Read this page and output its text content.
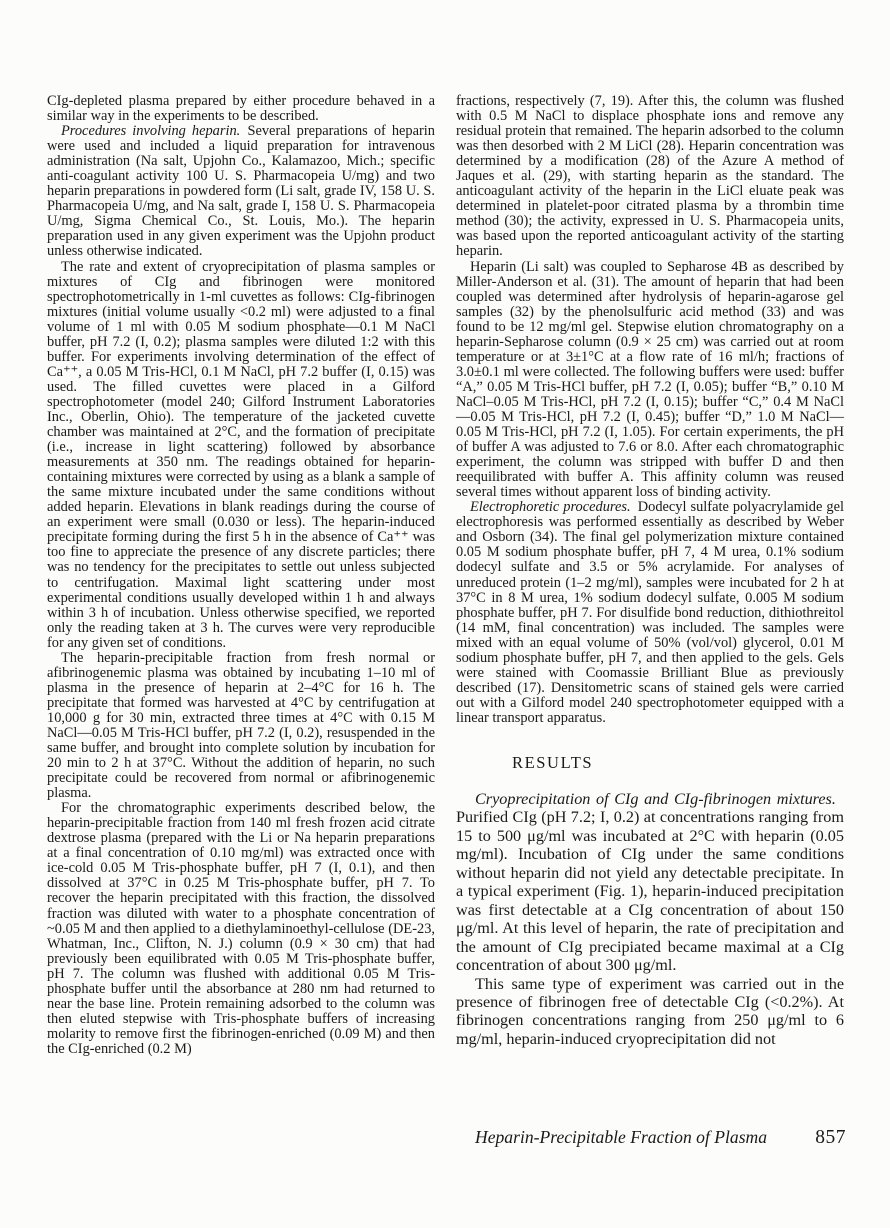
CIg-depleted plasma prepared by either procedure behaved in a similar way in the experiments to be described.

Procedures involving heparin. Several preparations of heparin were used and included a liquid preparation for intravenous administration (Na salt, Upjohn Co., Kalamazoo, Mich.; specific anti-coagulant activity 100 U. S. Pharmacopeia U/mg) and two heparin preparations in powdered form (Li salt, grade IV, 158 U. S. Pharmacopeia U/mg, and Na salt, grade I, 158 U. S. Pharmacopeia U/mg, Sigma Chemical Co., St. Louis, Mo.). The heparin preparation used in any given experiment was the Upjohn product unless otherwise indicated.

The rate and extent of cryoprecipitation of plasma samples or mixtures of CIg and fibrinogen were monitored spectrophotometrically in 1-ml cuvettes as follows: CIg-fibrinogen mixtures (initial volume usually <0.2 ml) were adjusted to a final volume of 1 ml with 0.05 M sodium phosphate—0.1 M NaCl buffer, pH 7.2 (I, 0.2); plasma samples were diluted 1:2 with this buffer. For experiments involving determination of the effect of Ca⁺⁺, a 0.05 M Tris-HCl, 0.1 M NaCl, pH 7.2 buffer (I, 0.15) was used. The filled cuvettes were placed in a Gilford spectrophotometer (model 240; Gilford Instrument Laboratories Inc., Oberlin, Ohio). The temperature of the jacketed cuvette chamber was maintained at 2°C, and the formation of precipitate (i.e., increase in light scattering) followed by absorbance measurements at 350 nm. The readings obtained for heparin-containing mixtures were corrected by using as a blank a sample of the same mixture incubated under the same conditions without added heparin. Elevations in blank readings during the course of an experiment were small (0.030 or less). The heparin-induced precipitate forming during the first 5 h in the absence of Ca⁺⁺ was too fine to appreciate the presence of any discrete particles; there was no tendency for the precipitates to settle out unless subjected to centrifugation. Maximal light scattering under most experimental conditions usually developed within 1 h and always within 3 h of incubation. Unless otherwise specified, we reported only the reading taken at 3 h. The curves were very reproducible for any given set of conditions.

The heparin-precipitable fraction from fresh normal or afibrinogenemic plasma was obtained by incubating 1–10 ml of plasma in the presence of heparin at 2–4°C for 16 h. The precipitate that formed was harvested at 4°C by centrifugation at 10,000 g for 30 min, extracted three times at 4°C with 0.15 M NaCl—0.05 M Tris-HCl buffer, pH 7.2 (I, 0.2), resuspended in the same buffer, and brought into complete solution by incubation for 20 min to 2 h at 37°C. Without the addition of heparin, no such precipitate could be recovered from normal or afibrinogenemic plasma.

For the chromatographic experiments described below, the heparin-precipitable fraction from 140 ml fresh frozen acid citrate dextrose plasma (prepared with the Li or Na heparin preparations at a final concentration of 0.10 mg/ml) was extracted once with ice-cold 0.05 M Tris-phosphate buffer, pH 7 (I, 0.1), and then dissolved at 37°C in 0.25 M Tris-phosphate buffer, pH 7. To recover the heparin precipitated with this fraction, the dissolved fraction was diluted with water to a phosphate concentration of ~0.05 M and then applied to a diethylaminoethyl-cellulose (DE-23, Whatman, Inc., Clifton, N. J.) column (0.9 × 30 cm) that had previously been equilibrated with 0.05 M Tris-phosphate buffer, pH 7. The column was flushed with additional 0.05 M Tris-phosphate buffer until the absorbance at 280 nm had returned to near the base line. Protein remaining adsorbed to the column was then eluted stepwise with Tris-phosphate buffers of increasing molarity to remove first the fibrinogen-enriched (0.09 M) and then the CIg-enriched (0.2 M)

fractions, respectively (7, 19). After this, the column was flushed with 0.5 M NaCl to displace phosphate ions and remove any residual protein that remained. The heparin adsorbed to the column was then desorbed with 2 M LiCl (28). Heparin concentration was determined by a modification (28) of the Azure A method of Jaques et al. (29), with starting heparin as the standard. The anticoagulant activity of the heparin in the LiCl eluate peak was determined in platelet-poor citrated plasma by a thrombin time method (30); the activity, expressed in U. S. Pharmacopeia units, was based upon the reported anticoagulant activity of the starting heparin.

Heparin (Li salt) was coupled to Sepharose 4B as described by Miller-Anderson et al. (31). The amount of heparin that had been coupled was determined after hydrolysis of heparin-agarose gel samples (32) by the phenolsulfuric acid method (33) and was found to be 12 mg/ml gel. Stepwise elution chromatography on a heparin-Sepharose column (0.9 × 25 cm) was carried out at room temperature or at 3±1°C at a flow rate of 16 ml/h; fractions of 3.0±0.1 ml were collected. The following buffers were used: buffer “A,” 0.05 M Tris-HCl buffer, pH 7.2 (I, 0.05); buffer “B,” 0.10 M NaCl–0.05 M Tris-HCl, pH 7.2 (I, 0.15); buffer “C,” 0.4 M NaCl—0.05 M Tris-HCl, pH 7.2 (I, 0.45); buffer “D,” 1.0 M NaCl—0.05 M Tris-HCl, pH 7.2 (I, 1.05). For certain experiments, the pH of buffer A was adjusted to 7.6 or 8.0. After each chromatographic experiment, the column was stripped with buffer D and then reequilibrated with buffer A. This affinity column was reused several times without apparent loss of binding activity.

Electrophoretic procedures. Dodecyl sulfate polyacrylamide gel electrophoresis was performed essentially as described by Weber and Osborn (34). The final gel polymerization mixture contained 0.05 M sodium phosphate buffer, pH 7, 4 M urea, 0.1% sodium dodecyl sulfate and 3.5 or 5% acrylamide. For analyses of unreduced protein (1–2 mg/ml), samples were incubated for 2 h at 37°C in 8 M urea, 1% sodium dodecyl sulfate, 0.005 M sodium phosphate buffer, pH 7. For disulfide bond reduction, dithiothreitol (14 mM, final concentration) was included. The samples were mixed with an equal volume of 50% (vol/vol) glycerol, 0.01 M sodium phosphate buffer, pH 7, and then applied to the gels. Gels were stained with Coomassie Brilliant Blue as previously described (17). Densitometric scans of stained gels were carried out with a Gilford model 240 spectrophotometer equipped with a linear transport apparatus.

RESULTS

Cryoprecipitation of CIg and CIg-fibrinogen mixtures. Purified CIg (pH 7.2; I, 0.2) at concentrations ranging from 15 to 500 μg/ml was incubated at 2°C with heparin (0.05 mg/ml). Incubation of CIg under the same conditions without heparin did not yield any detectable precipitate. In a typical experiment (Fig. 1), heparin-induced precipitation was first detectable at a CIg concentration of about 150 μg/ml. At this level of heparin, the rate of precipitation and the amount of CIg precipiated became maximal at a CIg concentration of about 300 μg/ml.

This same type of experiment was carried out in the presence of fibrinogen free of detectable CIg (<0.2%). At fibrinogen concentrations ranging from 250 μg/ml to 6 mg/ml, heparin-induced cryoprecipitation did not

Heparin-Precipitable Fraction of Plasma 857
